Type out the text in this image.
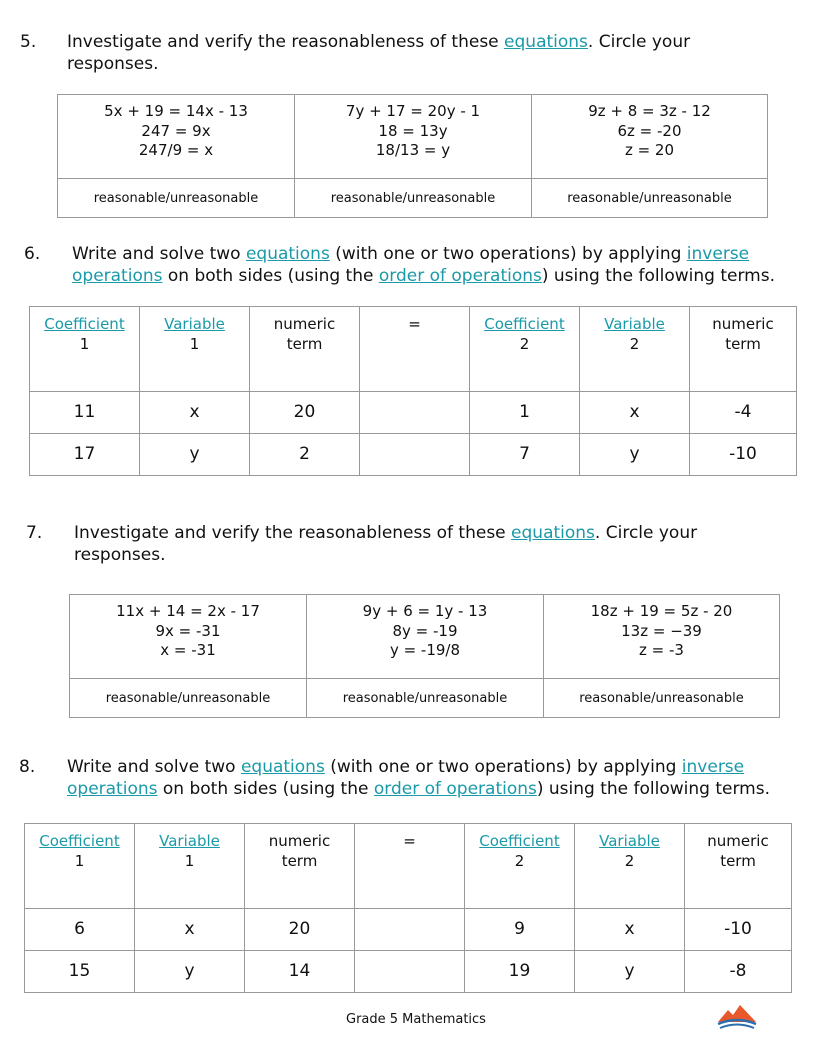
5. Investigate and verify the reasonableness of these equations. Circle your
responses.
5x + 19 = 14x - 13
247 = 9x
247/9 = x	7y + 17 = 20y - 1
18 = 13y
18/13 = y	9z + 8 = 3z - 12
6z = -20
z = 20
reasonable/unreasonable	reasonable/unreasonable	reasonable/unreasonable
6. Write and solve two equations (with one or two operations) by applying inverse
operations on both sides (using the order of operations) using the following terms.
Coefficient
1	Variable
1	numeric
term	=	Coefficient
2	Variable
2	numeric
term
11	x	20		1	x	-4
17	y	2		7	y	-10
7. Investigate and verify the reasonableness of these equations. Circle your
responses.
11x + 14 = 2x - 17
9x = -31
x = -31	9y + 6 = 1y - 13
8y = -19
y = -19/8	18z + 19 = 5z - 20
13z = −39
z = -3
reasonable/unreasonable	reasonable/unreasonable	reasonable/unreasonable
8. Write and solve two equations (with one or two operations) by applying inverse
operations on both sides (using the order of operations) using the following terms.
Coefficient
1	Variable
1	numeric
term	=	Coefficient
2	Variable
2	numeric
term
6	x	20		9	x	-10
15	y	14		19	y	-8
Grade 5 Mathematics
